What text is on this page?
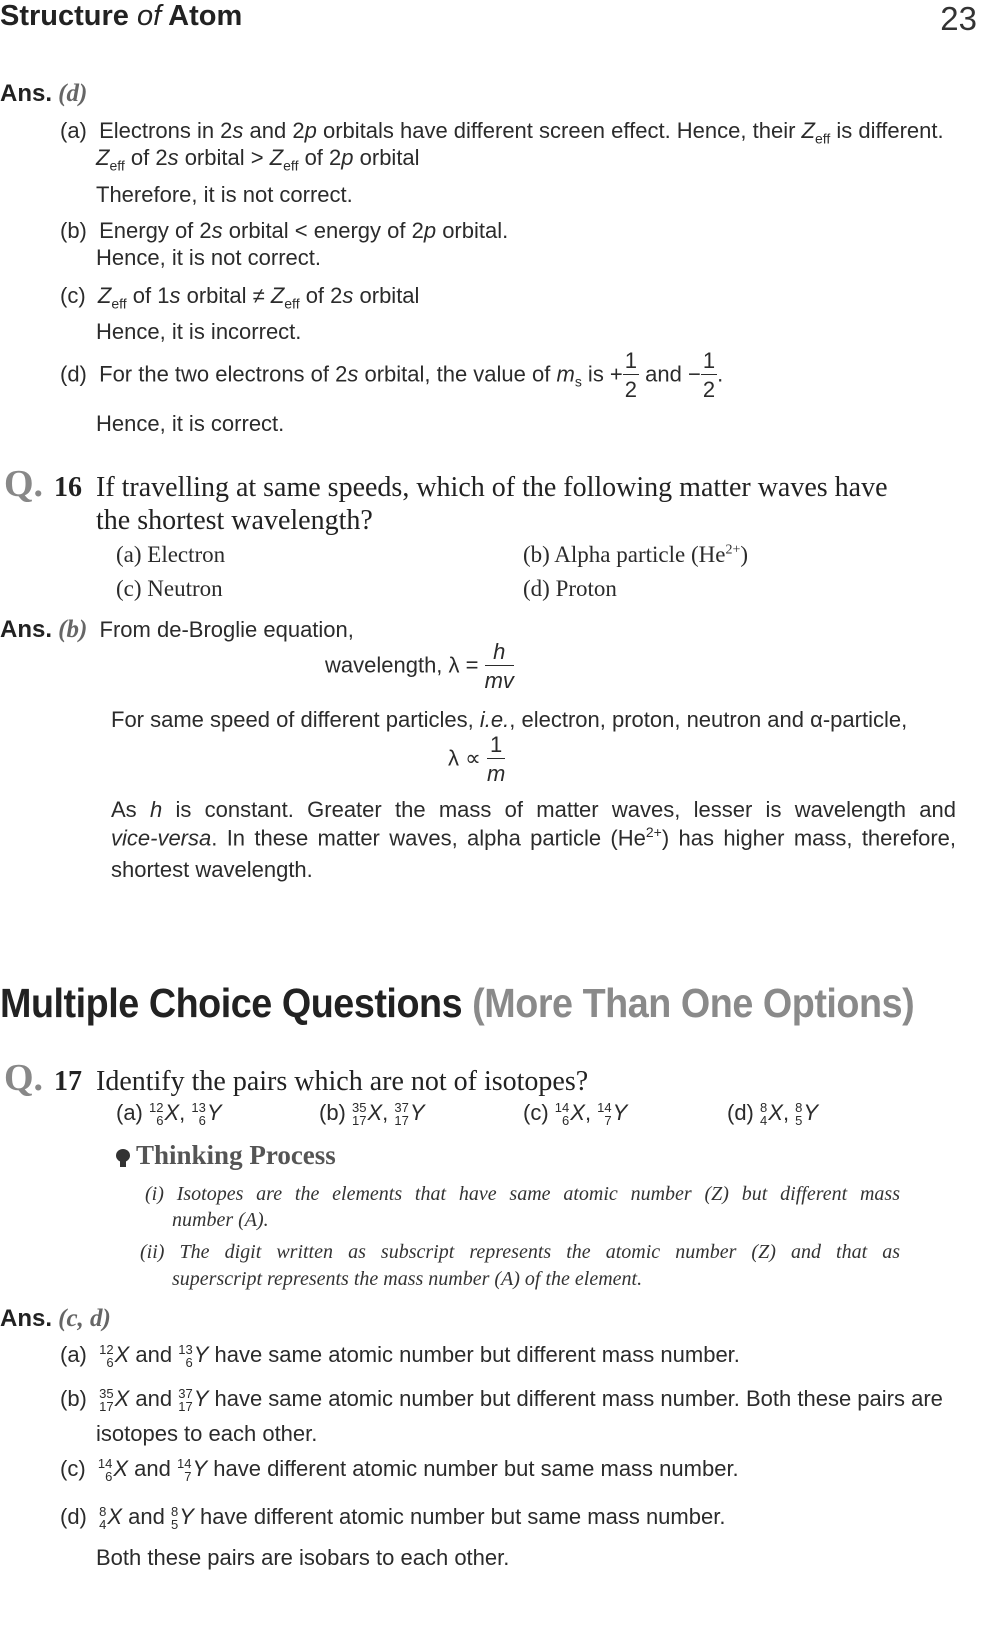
Structure of Atom	23
Ans. (d)
(a) Electrons in 2s and 2p orbitals have different screen effect. Hence, their $Z_{eff}$ is different.
$Z_{eff}$ of 2s orbital > $Z_{eff}$ of 2p orbital
Therefore, it is not correct.
(b) Energy of 2s orbital < energy of 2p orbital.
Hence, it is not correct.
(c) $Z_{eff}$ of 1s orbital ≠ $Z_{eff}$ of 2s orbital
Hence, it is incorrect.
(d) For the two electrons of 2s orbital, the value of $m_s$ is + $\frac{1}{2}$ and − $\frac{1}{2}$ .
Hence, it is correct.
Q. 16 If travelling at same speeds, which of the following matter waves have
the shortest wavelength?
(a) Electron	(b) Alpha particle $(He^{2+})$
(c) Neutron	(d) Proton
Ans. (b) From de-Broglie equation,
wavelength, $\lambda = \frac{h}{mv}$
For same speed of different particles, i.e., electron, proton, neutron and α-particle,
$\lambda \propto \frac{1}{m}$
As h is constant. Greater the mass of matter waves, lesser is wavelength and
vice-versa. In these matter waves, alpha particle $(He^{2+})$ has higher mass, therefore,
shortest wavelength.
Multiple Choice Questions (More Than One Options)
Q. 17 Identify the pairs which are not of isotopes?
(a) 12
6 X, 13
6 Y	(b) 35
17 X, 37
17 Y	(c) 14
6 X, 14
7 Y	(d) 8
4 X, 8
5 Y
Thinking Process
(i) Isotopes are the elements that have same atomic number (Z) but different mass
number (A).
(ii) The digit written as subscript represents the atomic number (Z) and that as
superscript represents the mass number (A) of the element.
Ans. (c, d)
(a) 12
6 X and 13
6 Y have same atomic number but different mass number.
(b) 35
17 X and 37
17 Y have same atomic number but different mass number. Both these pairs are
isotopes to each other.
(c) 14
6 X and 14
7 Y have different atomic number but same mass number.
(d) 8
4 X and 8
5 Y have different atomic number but same mass number.
Both these pairs are isobars to each other.
